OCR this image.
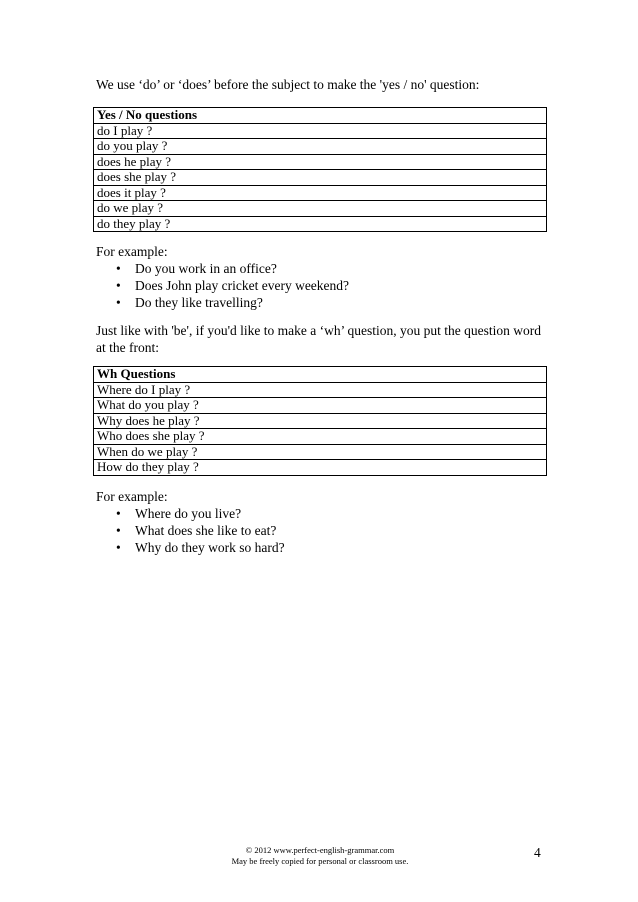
We use ‘do’ or ‘does’ before the subject to make the 'yes / no' question:

Yes / No questions
do I play ?
do you play ?
does he play ?
does she play ?
does it play ?
do we play ?
do they play ?

For example:

• Do you work in an office?
• Does John play cricket every weekend?
• Do they like travelling?

Just like with 'be', if you'd like to make a ‘wh’ question, you put the question word at the front:

Wh Questions
Where do I play ?
What do you play ?
Why does he play ?
Who does she play ?
When do we play ?
How do they play ?

For example:

• Where do you live?
• What does she like to eat?
• Why do they work so hard?
© 2012 www.perfect-english-grammar.com
May be freely copied for personal or classroom use.
4
